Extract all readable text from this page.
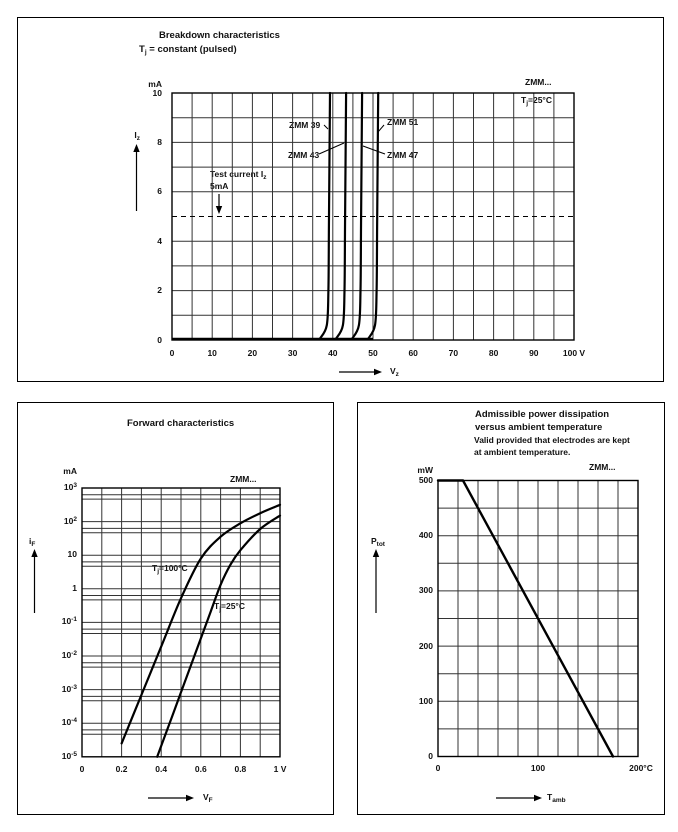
Breakdown characteristics
$T_j$ = constant (pulsed)
mA
$I_z$
ZMM...
$T_j=25^\circ C$
Test current $I_z$
5mA
ZMM 39
ZMM 43	ZMM 47
ZMM 51
$V_z$
0	10	20	30	40	50	60	70	80	90	100 V
10
8
6
4
2
0
Forward characteristics
mA
ZMM...
$i_F$
$T_j=100^\circ C$
T =25°C
$V_F$
0	0.2	0.4	0.6	0.8	1 V
$10^3$
$10^2$
10
1
$10^{-1}$
$10^{-2}$
$10^{-3}$
$10^{-4}$
$10^{-5}$
Admissible power dissipation
versus ambient temperature
Valid provided that electrodes are kept
at ambient temperature.
mW	ZMM...
$P_{tot}$
$T_{amb}$
0	100	200°C
500
400
300
200
100
0
